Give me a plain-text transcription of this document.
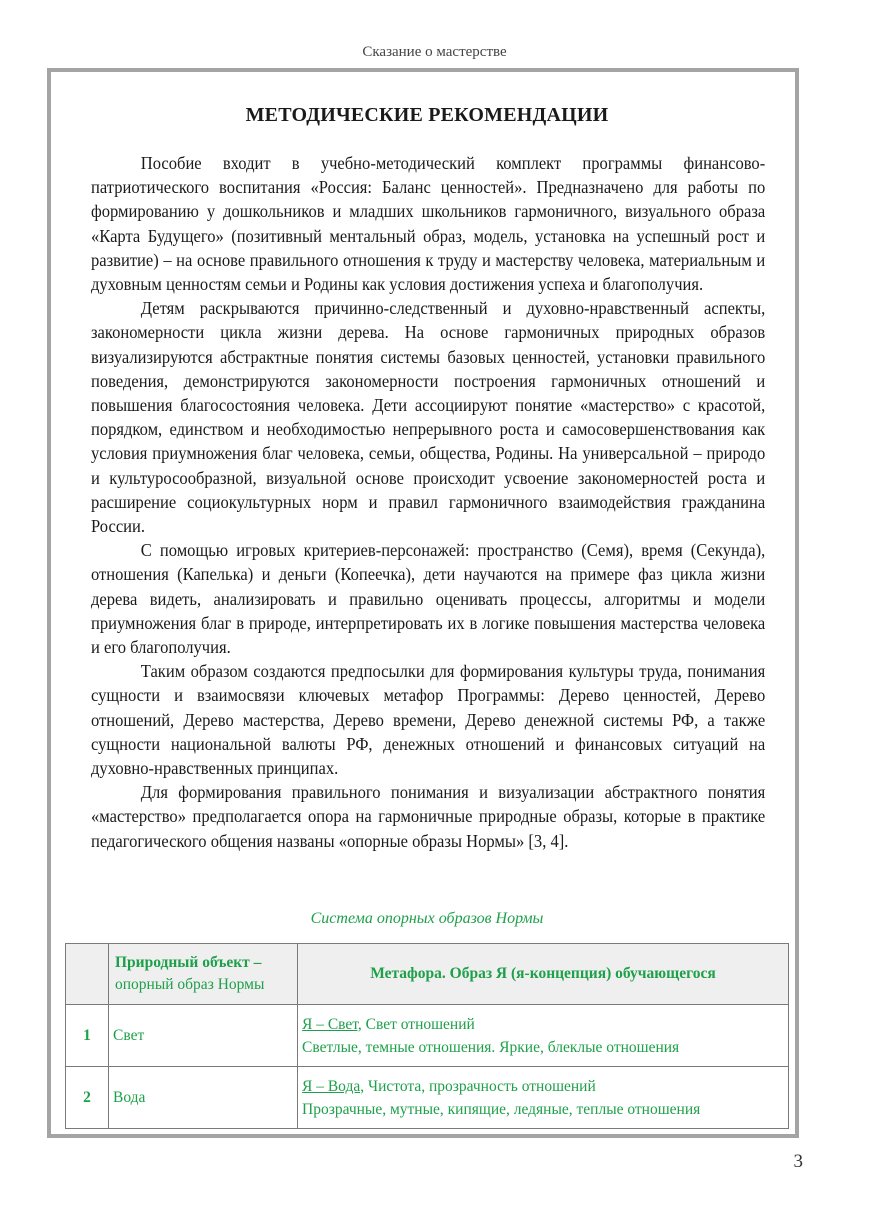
Сказание о мастерстве
МЕТОДИЧЕСКИЕ РЕКОМЕНДАЦИИ

Пособие входит в учебно-методический комплект программы финансово-патриотического воспитания «Россия: Баланс ценностей». Предназначено для работы по формированию у дошкольников и младших школьников гармоничного, визуального образа «Карта Будущего» (позитивный ментальный образ, модель, установка на успешный рост и развитие) – на основе правильного отношения к труду и мастерству человека, материальным и духовным ценностям семьи и Родины как условия достижения успеха и благополучия.

Детям раскрываются причинно-следственный и духовно-нравственный аспекты, закономерности цикла жизни дерева. На основе гармоничных природных образов визуализируются абстрактные понятия системы базовых ценностей, установки правильного поведения, демонстрируются закономерности построения гармоничных отношений и повышения благосостояния человека. Дети ассоциируют понятие «мастерство» с красотой, порядком, единством и необходимостью непрерывного роста и самосовершенствования как условия приумножения благ человека, семьи, общества, Родины. На универсальной – природо и культуросообразной, визуальной основе происходит усвоение закономерностей роста и расширение социокультурных норм и правил гармоничного взаимодействия гражданина России.

С помощью игровых критериев-персонажей: пространство (Семя), время (Секунда), отношения (Капелька) и деньги (Копеечка), дети научаются на примере фаз цикла жизни дерева видеть, анализировать и правильно оценивать процессы, алгоритмы и модели приумножения благ в природе, интерпретировать их в логике повышения мастерства человека и его благополучия.

Таким образом создаются предпосылки для формирования культуры труда, понимания сущности и взаимосвязи ключевых метафор Программы: Дерево ценностей, Дерево отношений, Дерево мастерства, Дерево времени, Дерево денежной системы РФ, а также сущности национальной валюты РФ, денежных отношений и финансовых ситуаций на духовно-нравственных принципах.

Для формирования правильного понимания и визуализации абстрактного понятия «мастерство» предполагается опора на гармоничные природные образы, которые в практике педагогического общения названы «опорные образы Нормы» [3, 4].

Система опорных образов Нормы
	Природный объект –
опорный образ Нормы	Метафора. Образ Я (я-концепция) обучающегося
1	Свет	Я – Свет, Свет отношений
Светлые, темные отношения. Яркие, блеклые отношения
2	Вода	Я – Вода, Чистота, прозрачность отношений
Прозрачные, мутные, кипящие, ледяные, теплые отношения
3
